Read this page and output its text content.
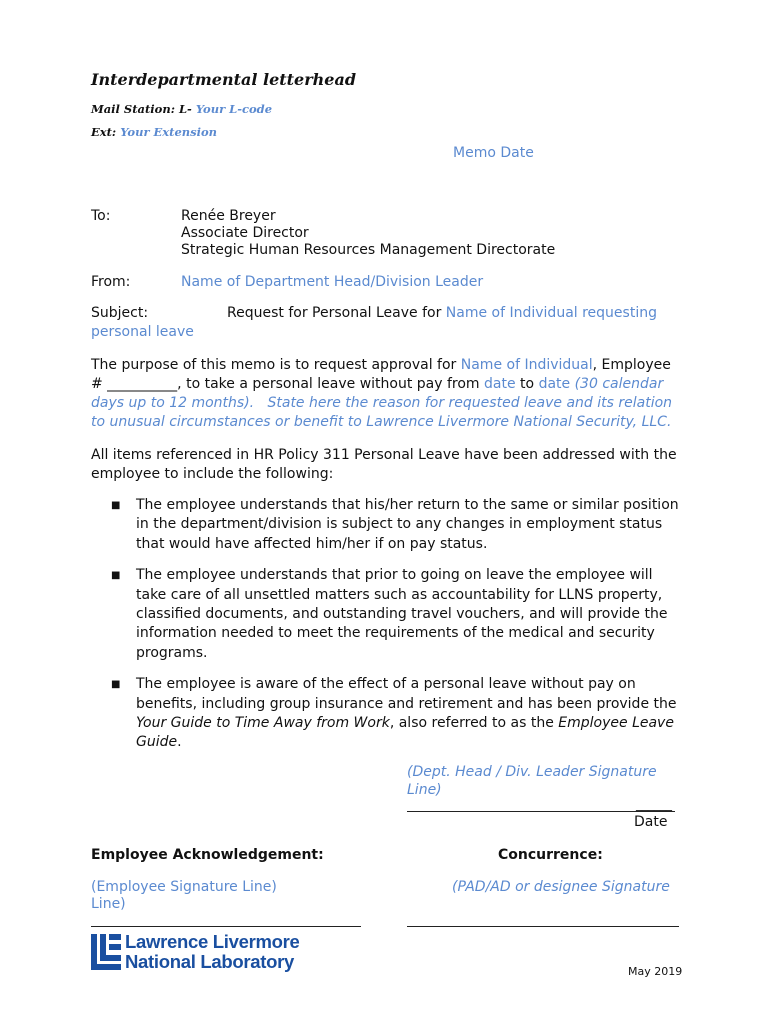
Interdepartmental letterhead
Mail Station: L- Your L-code
Ext: Your Extension
Memo Date
To:	Renée Breyer
Associate Director
Strategic Human Resources Management Directorate
From:	Name of Department Head/Division Leader
Subject:	Request for Personal Leave for Name of Individual requesting
personal leave
The purpose of this memo is to request approval for Name of Individual, Employee # __________, to take a personal leave without pay from date to date (30 calendar days up to 12 months). State here the reason for requested leave and its relation to unusual circumstances or benefit to Lawrence Livermore National Security, LLC.
All items referenced in HR Policy 311 Personal Leave have been addressed with the employee to include the following:
■ The employee understands that his/her return to the same or similar position in the department/division is subject to any changes in employment status that would have affected him/her if on pay status.
■ The employee understands that prior to going on leave the employee will take care of all unsettled matters such as accountability for LLNS property, classified documents, and outstanding travel vouchers, and will provide the information needed to meet the requirements of the medical and security programs.
■ The employee is aware of the effect of a personal leave without pay on benefits, including group insurance and retirement and has been provide the Your Guide to Time Away from Work, also referred to as the Employee Leave Guide.
(Dept. Head / Div. Leader Signature Line)
______
Date
Employee Acknowledgement:	Concurrence:
(Employee Signature Line)
Line)
(PAD/AD or designee Signature
Lawrence Livermore
National Laboratory	May 2019
